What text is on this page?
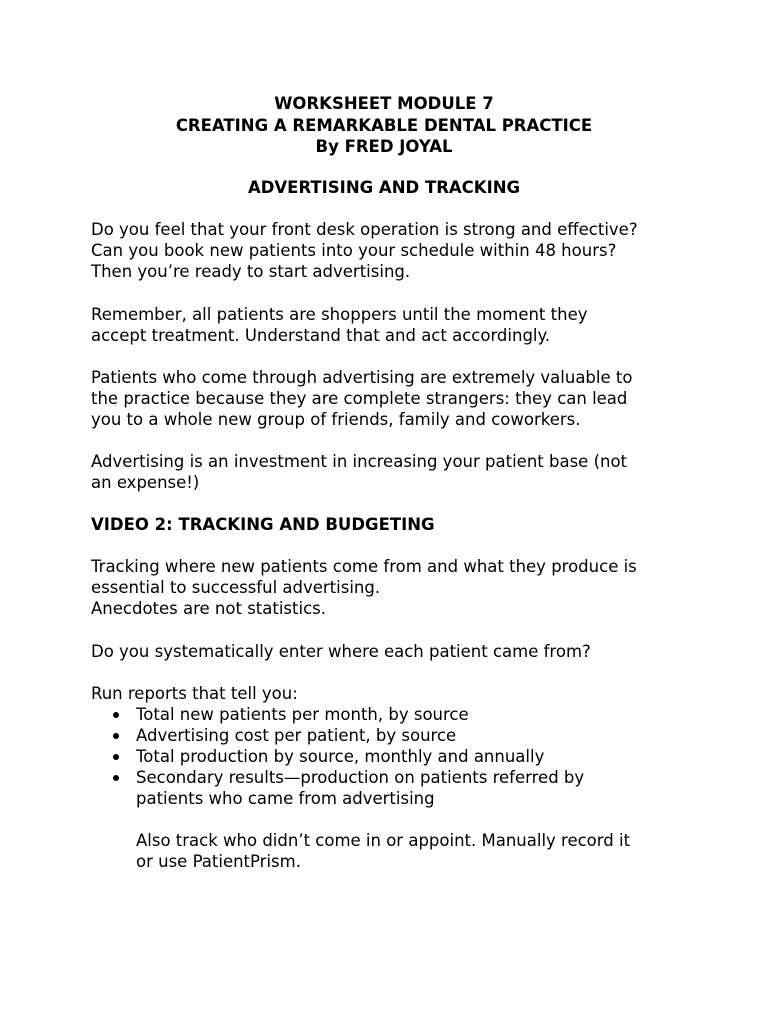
WORKSHEET MODULE 7
CREATING A REMARKABLE DENTAL PRACTICE
By FRED JOYAL
ADVERTISING AND TRACKING
Do you feel that your front desk operation is strong and effective?
Can you book new patients into your schedule within 48 hours?
Then you’re ready to start advertising.
Remember, all patients are shoppers until the moment they
accept treatment. Understand that and act accordingly.
Patients who come through advertising are extremely valuable to
the practice because they are complete strangers: they can lead
you to a whole new group of friends, family and coworkers.
Advertising is an investment in increasing your patient base (not
an expense!)
VIDEO 2: TRACKING AND BUDGETING
Tracking where new patients come from and what they produce is
essential to successful advertising.
Anecdotes are not statistics.
Do you systematically enter where each patient came from?
Run reports that tell you:
Total new patients per month, by source
Advertising cost per patient, by source
Total production by source, monthly and annually
Secondary results—production on patients referred by
patients who came from advertising
Also track who didn’t come in or appoint. Manually record it
or use PatientPrism.
